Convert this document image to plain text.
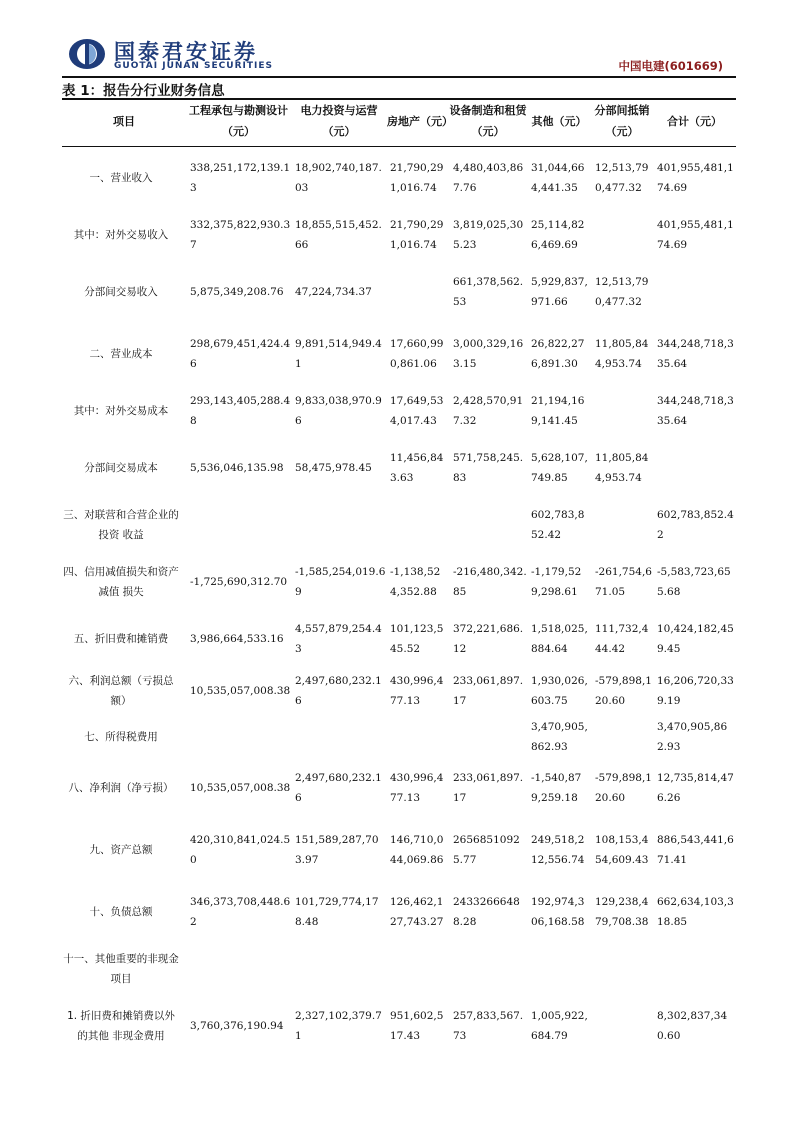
国泰君安证券
GUOTAI JUNAN SECURITIES	中国电建(601669)
表 1：报告分行业财务信息
项目	工程承包与勘测设计（元）	电力投资与运营（元）	房地产（元）	设备制造和租赁（元）	其他（元）	分部间抵销（元）	合计（元）
一、营业收入	338,251,172,139.13	18,902,740,187.03	21,790,291,016.74	4,480,403,867.76	31,044,664,441.35	12,513,790,477.32	401,955,481,174.69
其中：对外交易收入	332,375,822,930.37	18,855,515,452.66	21,790,291,016.74	3,819,025,305.23	25,114,826,469.69		401,955,481,174.69
分部间交易收入	5,875,349,208.76	47,224,734.37		661,378,562.53	5,929,837,971.66	12,513,790,477.32	
二、营业成本	298,679,451,424.46	9,891,514,949.41	17,660,990,861.06	3,000,329,163.15	26,822,276,891.30	11,805,844,953.74	344,248,718,335.64
其中：对外交易成本	293,143,405,288.48	9,833,038,970.96	17,649,534,017.43	2,428,570,917.32	21,194,169,141.45		344,248,718,335.64
分部间交易成本	5,536,046,135.98	58,475,978.45	11,456,843.63	571,758,245.83	5,628,107,749.85	11,805,844,953.74	
三、对联营和合营企业的投资 收益					602,783,852.42		602,783,852.42
四、信用减值损失和资产减值 损失	-1,725,690,312.70	-1,585,254,019.69	-1,138,524,352.88	-216,480,342.85	-1,179,529,298.61	-261,754,671.05	-5,583,723,655.68
五、折旧费和摊销费	3,986,664,533.16	4,557,879,254.43	101,123,545.52	372,221,686.12	1,518,025,884.64	111,732,444.42	10,424,182,459.45
六、利润总额（亏损总额）	10,535,057,008.38	2,497,680,232.16	430,996,477.13	233,061,897.17	1,930,026,603.75	-579,898,120.60	16,206,720,339.19
七、所得税费用					3,470,905,862.93		3,470,905,862.93
八、净利润（净亏损）	10,535,057,008.38	2,497,680,232.16	430,996,477.13	233,061,897.17	-1,540,879,259.18	-579,898,120.60	12,735,814,476.26
九、资产总额	420,310,841,024.50	151,589,287,703.97	146,710,044,069.86	26568510925.77	249,518,212,556.74	108,153,454,609.43	886,543,441,671.41
十、负债总额	346,373,708,448.62	101,729,774,178.48	126,462,127,743.27	24332666488.28	192,974,306,168.58	129,238,479,708.38	662,634,103,318.85
十一、其他重要的非现金项目							
1. 折旧费和摊销费以外的其他 非现金费用	3,760,376,190.94	2,327,102,379.71	951,602,517.43	257,833,567.73	1,005,922,684.79		8,302,837,340.60
